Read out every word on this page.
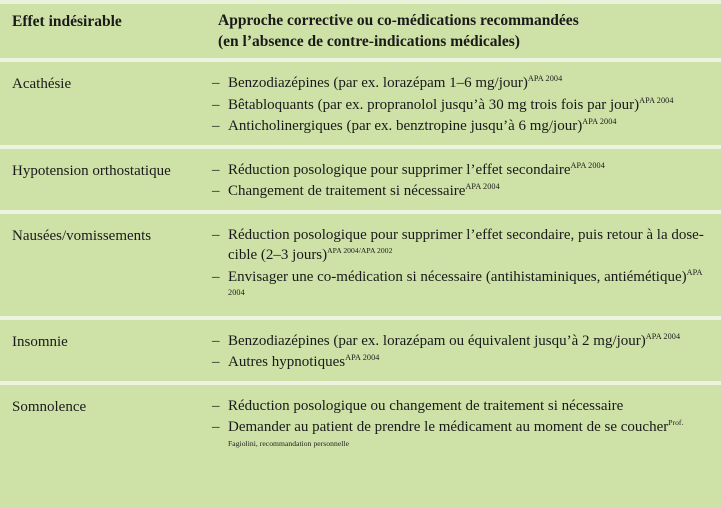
Effet indésirable	Approche corrective ou co-médications recommandées
(en l’absence de contre-indications médicales)
Acathésie	– Benzodiazépines (par ex. lorazépam 1–6 mg/jour)$^{APA 2004}$
– Bêtabloquants (par ex. propranolol jusqu’à 30 mg trois fois par jour)$^{APA 2004}$
– Anticholinergiques (par ex. benztropine jusqu’à 6 mg/jour)$^{APA 2004}$
Hypotension orthostatique	– Réduction posologique pour supprimer l’effet secondaire$^{APA 2004}$
– Changement de traitement si nécessaire$^{APA 2004}$
Nausées/vomissements	– Réduction posologique pour supprimer l’effet secondaire, puis retour à la dose-cible (2–3 jours)$^{APA 2004/APA 2002}$
– Envisager une co-médication si nécessaire (antihistaminiques, antiémétique)$^{APA 2004}$
Insomnie	– Benzodiazépines (par ex. lorazépam ou équivalent jusqu’à 2 mg/jour)$^{APA 2004}$
– Autres hypnotiques$^{APA 2004}$
Somnolence	– Réduction posologique ou changement de traitement si nécessaire
– Demander au patient de prendre le médicament au moment de se coucher$^{Prof. Fagiolini, recommandation personnelle}$
